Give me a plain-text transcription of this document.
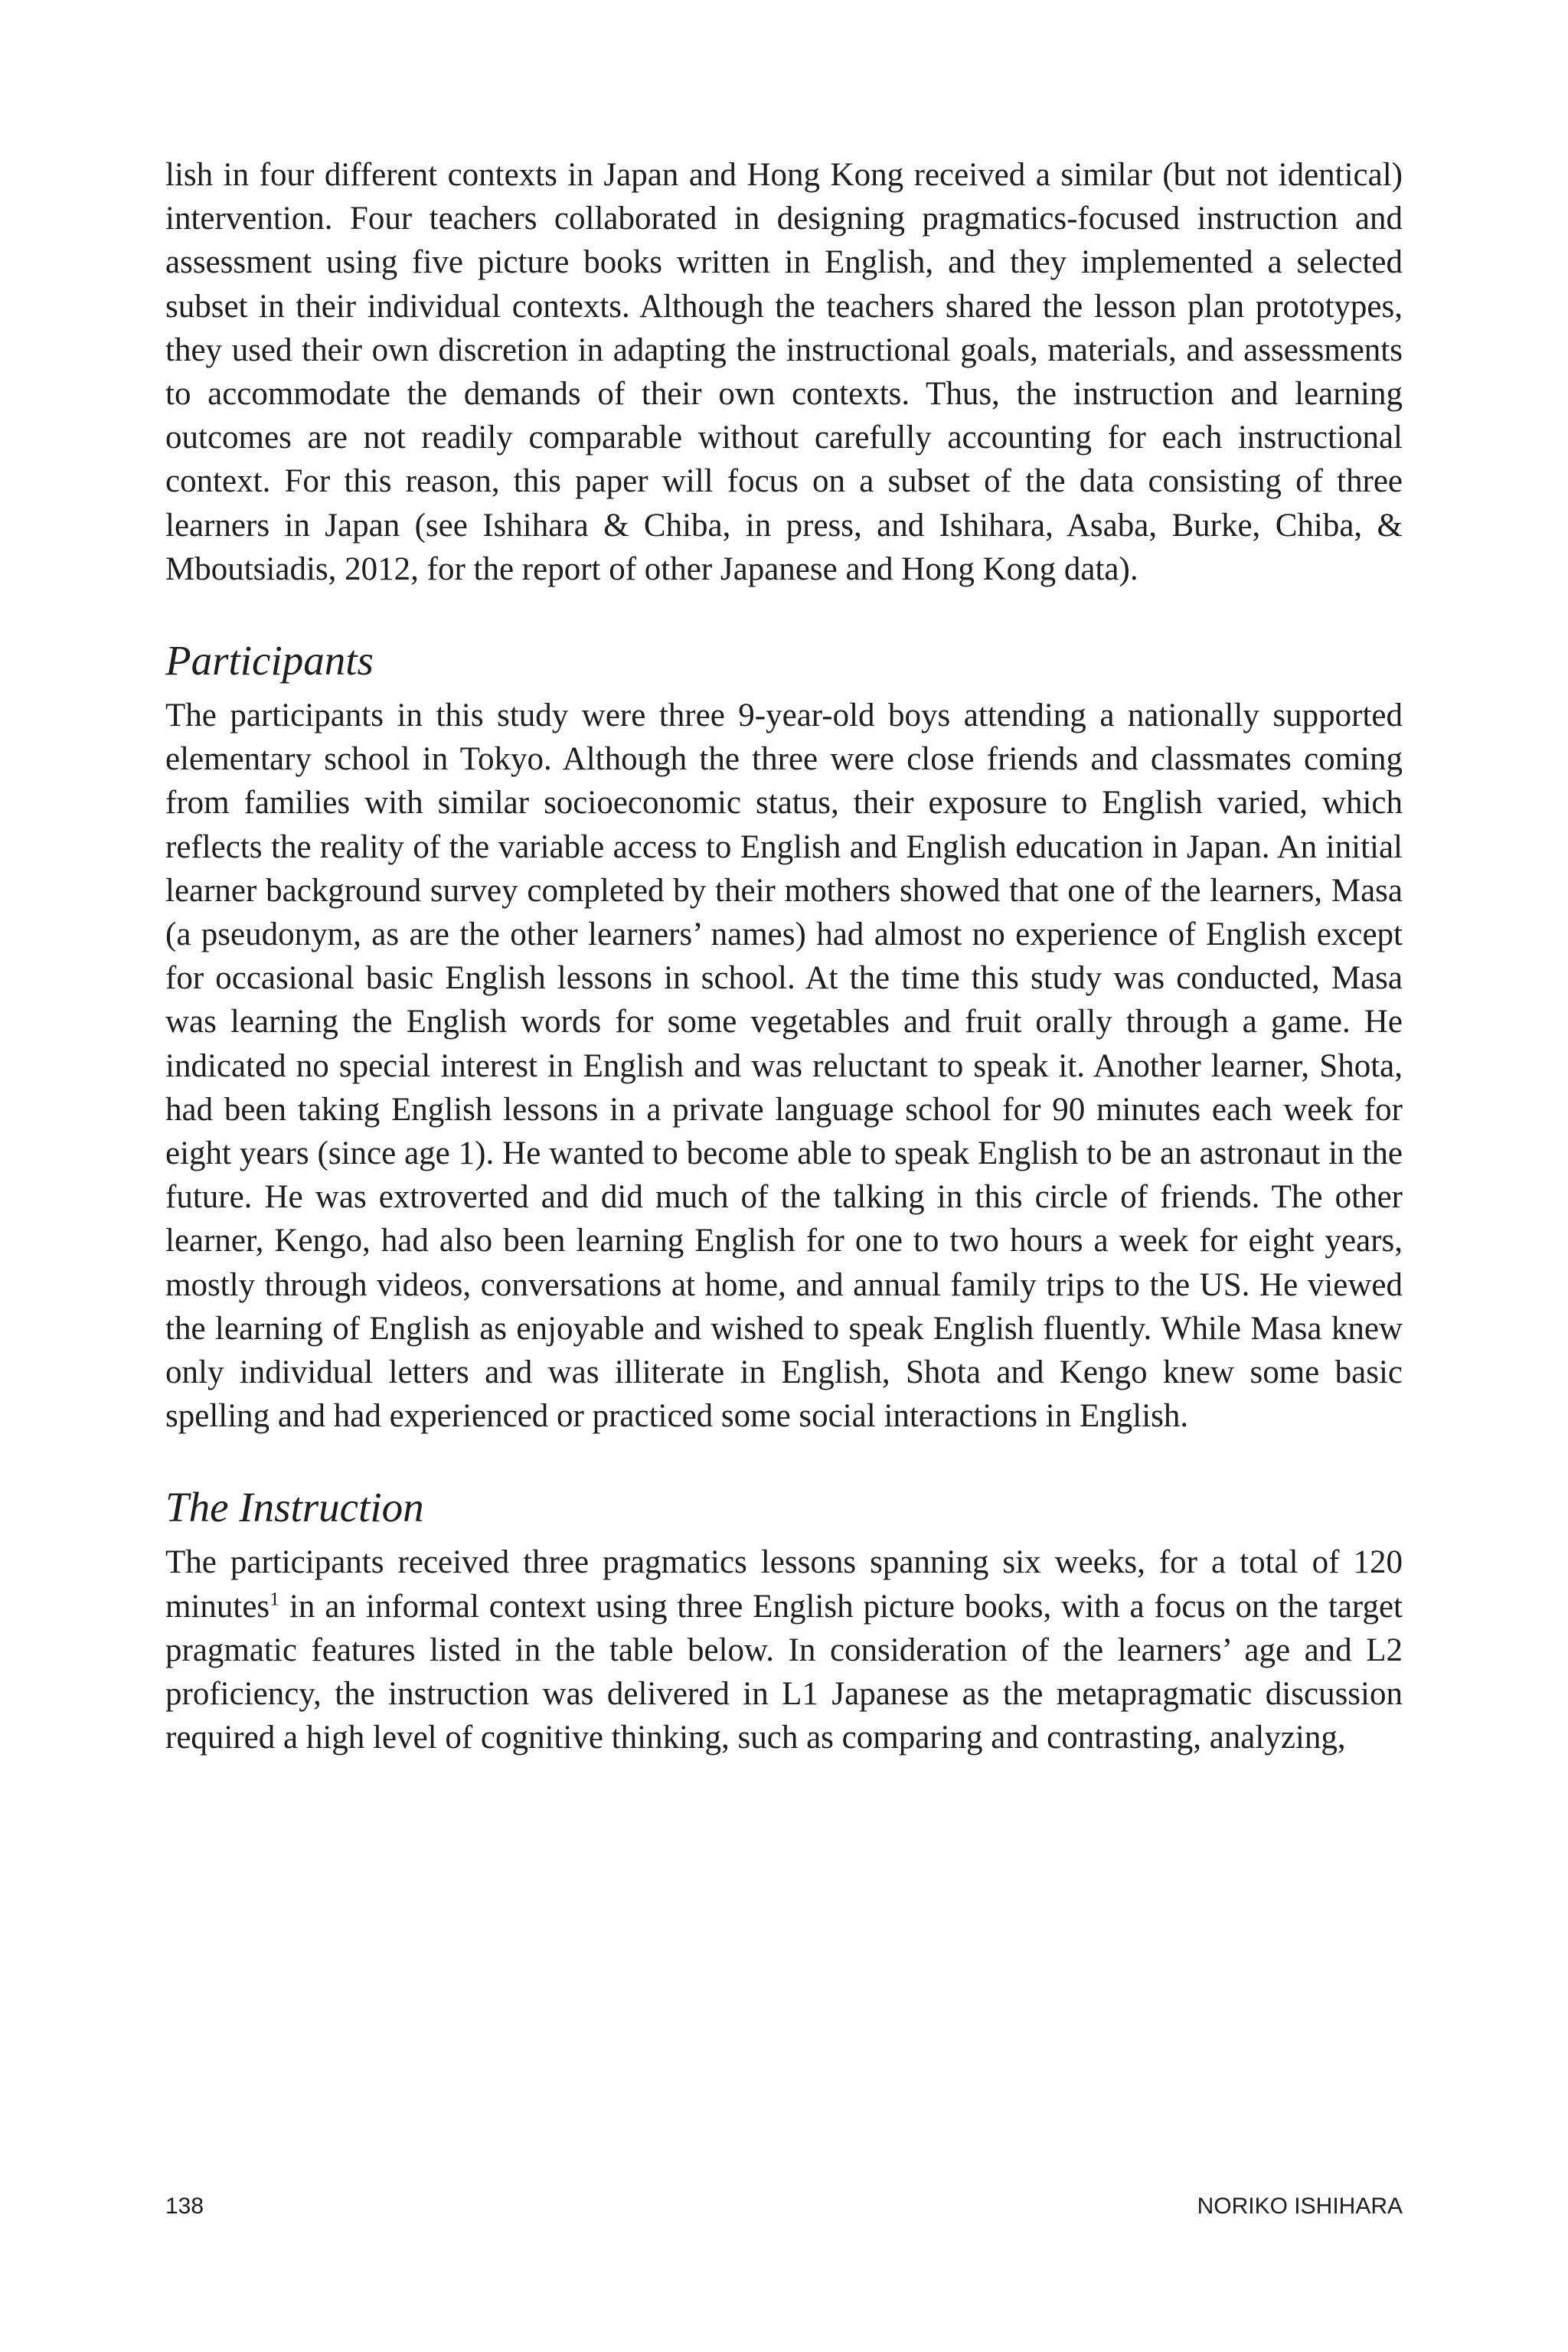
lish in four different contexts in Japan and Hong Kong received a similar (but not identical) intervention. Four teachers collaborated in designing pragmatics-focused instruction and assessment using five picture books written in English, and they implemented a selected subset in their individual contexts. Although the teachers shared the lesson plan prototypes, they used their own discretion in adapting the instructional goals, materials, and assessments to accommodate the demands of their own contexts. Thus, the instruction and learning outcomes are not readily comparable without carefully accounting for each instructional context. For this reason, this paper will focus on a subset of the data consisting of three learners in Japan (see Ishihara & Chiba, in press, and Ishihara, Asaba, Burke, Chiba, & Mboutsiadis, 2012, for the report of other Japanese and Hong Kong data).

Participants

The participants in this study were three 9-year-old boys attending a nationally supported elementary school in Tokyo. Although the three were close friends and classmates coming from families with similar socioeconomic status, their exposure to English varied, which reflects the reality of the variable access to English and English education in Japan. An initial learner background survey completed by their mothers showed that one of the learners, Masa (a pseudonym, as are the other learners’ names) had almost no experience of English except for occasional basic English lessons in school. At the time this study was conducted, Masa was learning the English words for some vegetables and fruit orally through a game. He indicated no special interest in English and was reluctant to speak it. Another learner, Shota, had been taking English lessons in a private language school for 90 minutes each week for eight years (since age 1). He wanted to become able to speak English to be an astronaut in the future. He was extroverted and did much of the talking in this circle of friends. The other learner, Kengo, had also been learning English for one to two hours a week for eight years, mostly through videos, conversations at home, and annual family trips to the US. He viewed the learning of English as enjoyable and wished to speak English fluently. While Masa knew only individual letters and was illiterate in English, Shota and Kengo knew some basic spelling and had experienced or practiced some social interactions in English.

The Instruction

The participants received three pragmatics lessons spanning six weeks, for a total of 120 minutes$^1$ in an informal context using three English picture books, with a focus on the target pragmatic features listed in the table below. In consideration of the learners’ age and L2 proficiency, the instruction was delivered in L1 Japanese as the metapragmatic discussion required a high level of cognitive thinking, such as comparing and contrasting, analyzing,

138	NORIKO ISHIHARA
